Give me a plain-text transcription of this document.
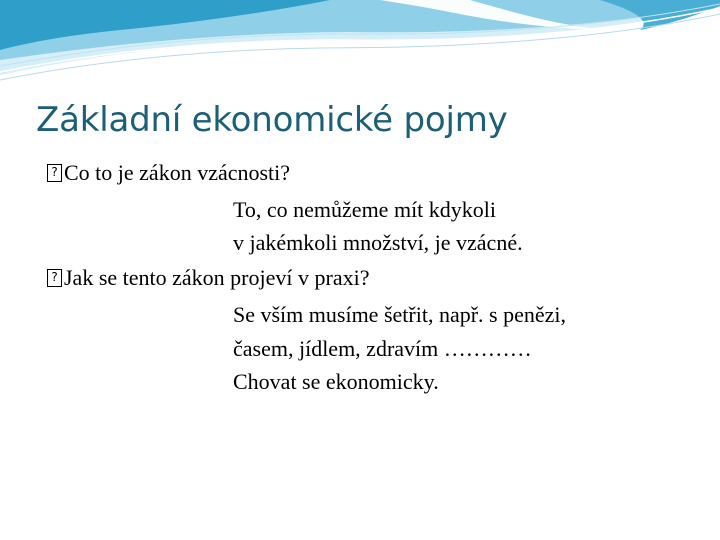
Základní ekonomické pojmy
?Co to je zákon vzácnosti?
To, co nemůžeme mít kdykoli
v jakémkoli množství, je vzácné.
?Jak se tento zákon projeví v praxi?
Se vším musíme šetřit, např. s penězi,
časem, jídlem, zdravím …………
Chovat se ekonomicky.
